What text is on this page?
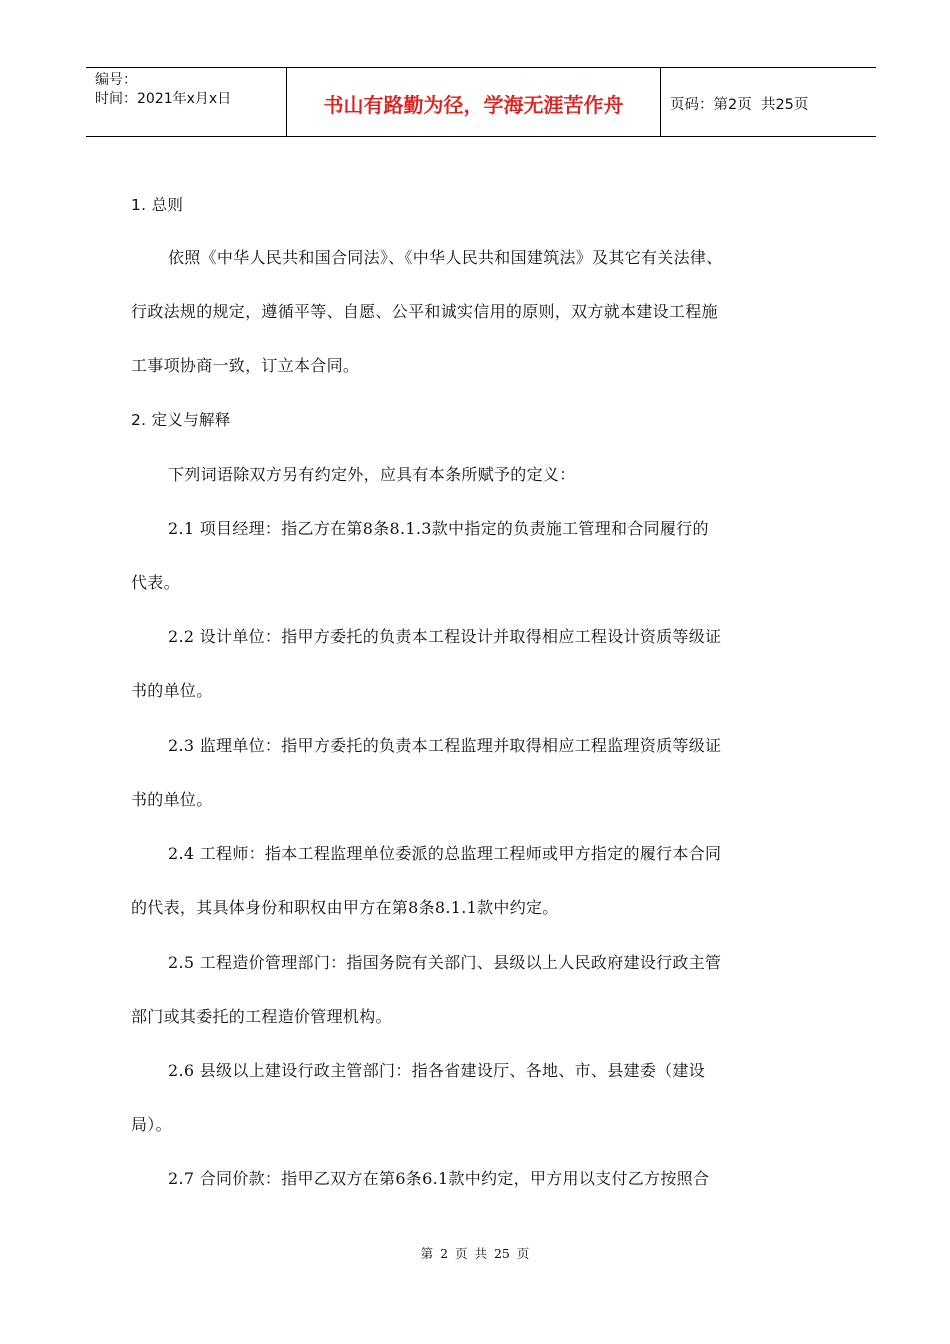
编号：
时间：2021年x月x日	书山有路勤为径，学海无涯苦作舟	页码：第2页  共25页
1. 总则
依照《中华人民共和国合同法》、《中华人民共和国建筑法》及其它有关法律、
行政法规的规定，遵循平等、自愿、公平和诚实信用的原则，双方就本建设工程施
工事项协商一致，订立本合同。
2. 定义与解释
下列词语除双方另有约定外，应具有本条所赋予的定义：
2.1 项目经理：指乙方在第8条8.1.3款中指定的负责施工管理和合同履行的
代表。
2.2 设计单位：指甲方委托的负责本工程设计并取得相应工程设计资质等级证
书的单位。
2.3 监理单位：指甲方委托的负责本工程监理并取得相应工程监理资质等级证
书的单位。
2.4 工程师：指本工程监理单位委派的总监理工程师或甲方指定的履行本合同
的代表，其具体身份和职权由甲方在第8条8.1.1款中约定。
2.5 工程造价管理部门：指国务院有关部门、县级以上人民政府建设行政主管
部门或其委托的工程造价管理机构。
2.6 县级以上建设行政主管部门：指各省建设厅、各地、市、县建委（建设
局）。
2.7 合同价款：指甲乙双方在第6条6.1款中约定，甲方用以支付乙方按照合
第 2 页 共 25 页
